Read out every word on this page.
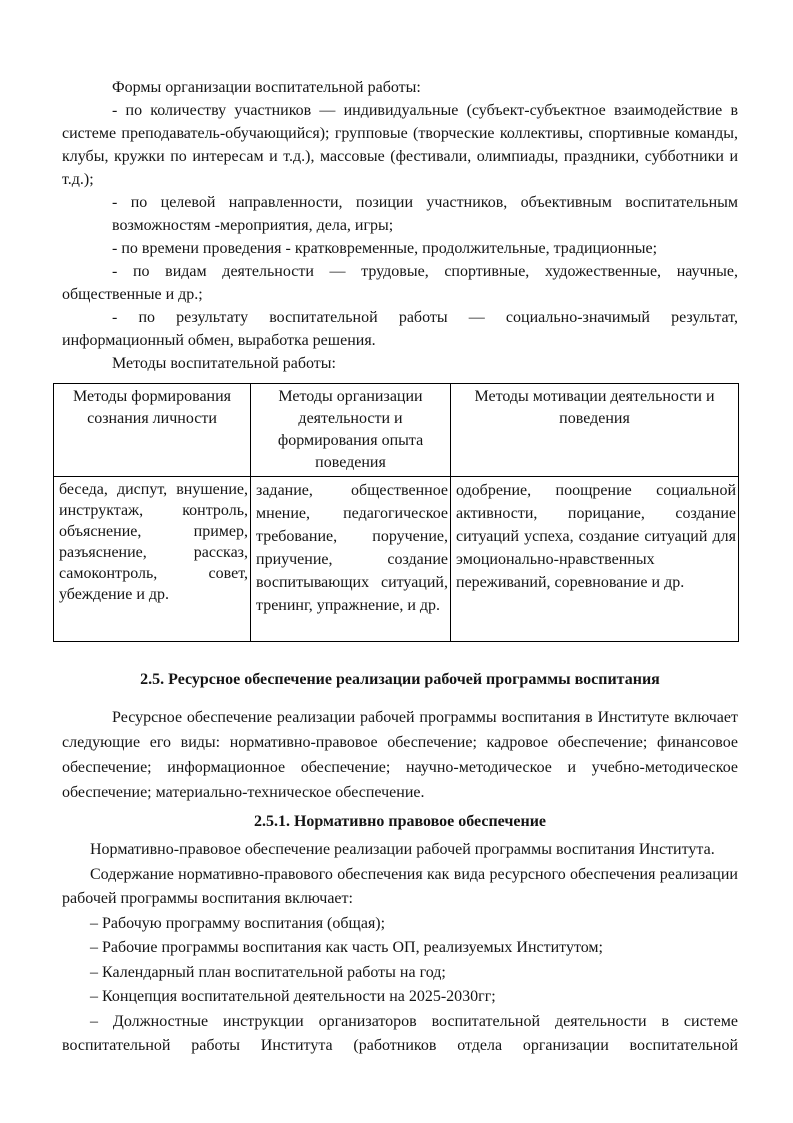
Формы организации воспитательной работы:

- по количеству участников — индивидуальные (субъект-субъектное взаимодействие в системе преподаватель-обучающийся); групповые (творческие коллективы, спортивные команды, клубы, кружки по интересам и т.д.), массовые (фестивали, олимпиады, праздники, субботники и т.д.);

- по целевой направленности, позиции участников, объективным воспитательным возможностям -мероприятия, дела, игры;

- по времени проведения - кратковременные, продолжительные, традиционные;

- по видам деятельности — трудовые, спортивные, художественные, научные, общественные и др.;

- по результату воспитательной работы — социально-значимый результат, информационный обмен, выработка решения.

Методы воспитательной работы:

Методы формирования сознания личности	Методы организации деятельности и формирования опыта поведения	Методы мотивации деятельности и поведения
беседа, диспут, внушение, инструктаж, контроль, объяснение, пример, разъяснение, рассказ, самоконтроль, совет, убеждение и др.	задание, общественное мнение, педагогическое требование, поручение, приучение, создание воспитывающих ситуаций, тренинг, упражнение, и др.	одобрение, поощрение социальной активности, порицание, создание ситуаций успеха, создание ситуаций для эмоционально-нравственных переживаний, соревнование и др.
2.5. Ресурсное обеспечение реализации рабочей программы воспитания

Ресурсное обеспечение реализации рабочей программы воспитания в Институте включает следующие его виды: нормативно-правовое обеспечение; кадровое обеспечение; финансовое обеспечение; информационное обеспечение; научно-методическое и учебно-методическое обеспечение; материально-техническое обеспечение.

2.5.1. Нормативно правовое обеспечение

Нормативно-правовое обеспечение реализации рабочей программы воспитания Института.

Содержание нормативно-правового обеспечения как вида ресурсного обеспечения реализации рабочей программы воспитания включает:

– Рабочую программу воспитания (общая);

– Рабочие программы воспитания как часть ОП, реализуемых Институтом;

– Календарный план воспитательной работы на год;

– Концепция воспитательной деятельности на 2025-2030гг;

– Должностные инструкции организаторов воспитательной деятельности в системе воспитательной работы Института (работников отдела организации воспитательной
